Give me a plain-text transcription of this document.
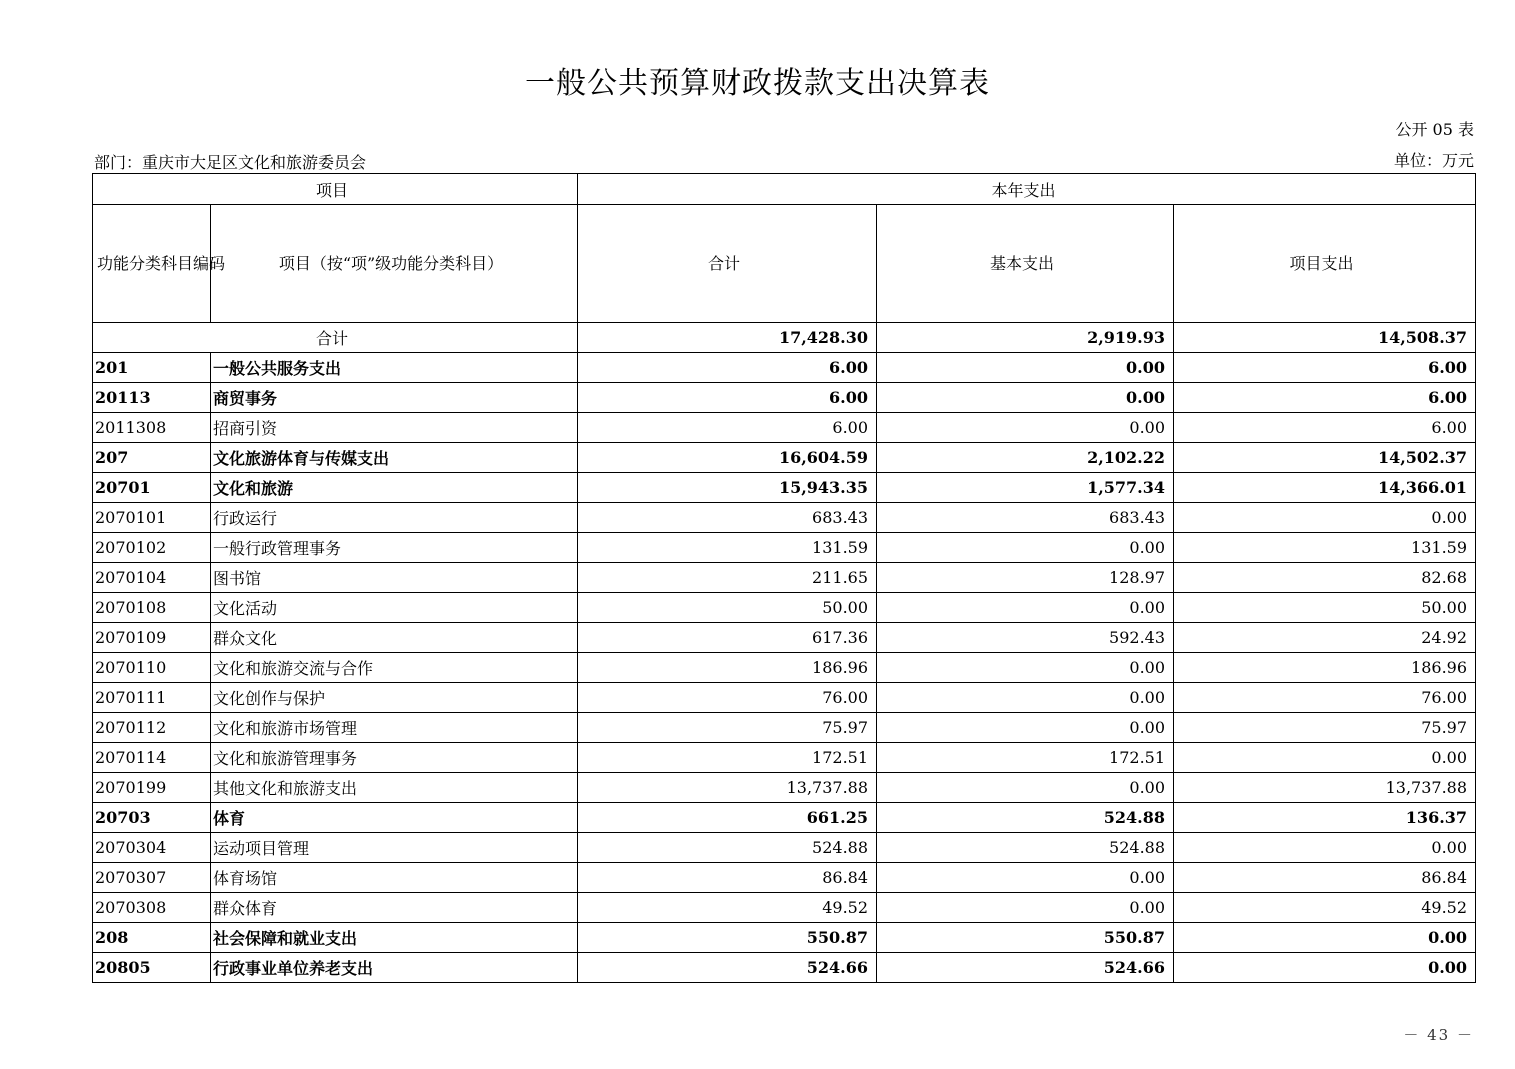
一般公共预算财政拨款支出决算表
公开 05 表
部门：重庆市大足区文化和旅游委员会	单位：万元
项目		本年支出		
功能分类科目编码	项目（按“项”级功能分类科目）	合计	基本支出	项目支出
合计		17,428.30	2,919.93	14,508.37
201	一般公共服务支出	6.00	0.00	6.00
20113	商贸事务	6.00	0.00	6.00
2011308	招商引资	6.00	0.00	6.00
207	文化旅游体育与传媒支出	16,604.59	2,102.22	14,502.37
20701	文化和旅游	15,943.35	1,577.34	14,366.01
2070101	行政运行	683.43	683.43	0.00
2070102	一般行政管理事务	131.59	0.00	131.59
2070104	图书馆	211.65	128.97	82.68
2070108	文化活动	50.00	0.00	50.00
2070109	群众文化	617.36	592.43	24.92
2070110	文化和旅游交流与合作	186.96	0.00	186.96
2070111	文化创作与保护	76.00	0.00	76.00
2070112	文化和旅游市场管理	75.97	0.00	75.97
2070114	文化和旅游管理事务	172.51	172.51	0.00
2070199	其他文化和旅游支出	13,737.88	0.00	13,737.88
20703	体育	661.25	524.88	136.37
2070304	运动项目管理	524.88	524.88	0.00
2070307	体育场馆	86.84	0.00	86.84
2070308	群众体育	49.52	0.00	49.52
208	社会保障和就业支出	550.87	550.87	0.00
20805	行政事业单位养老支出	524.66	524.66	0.00
－ 43 －
